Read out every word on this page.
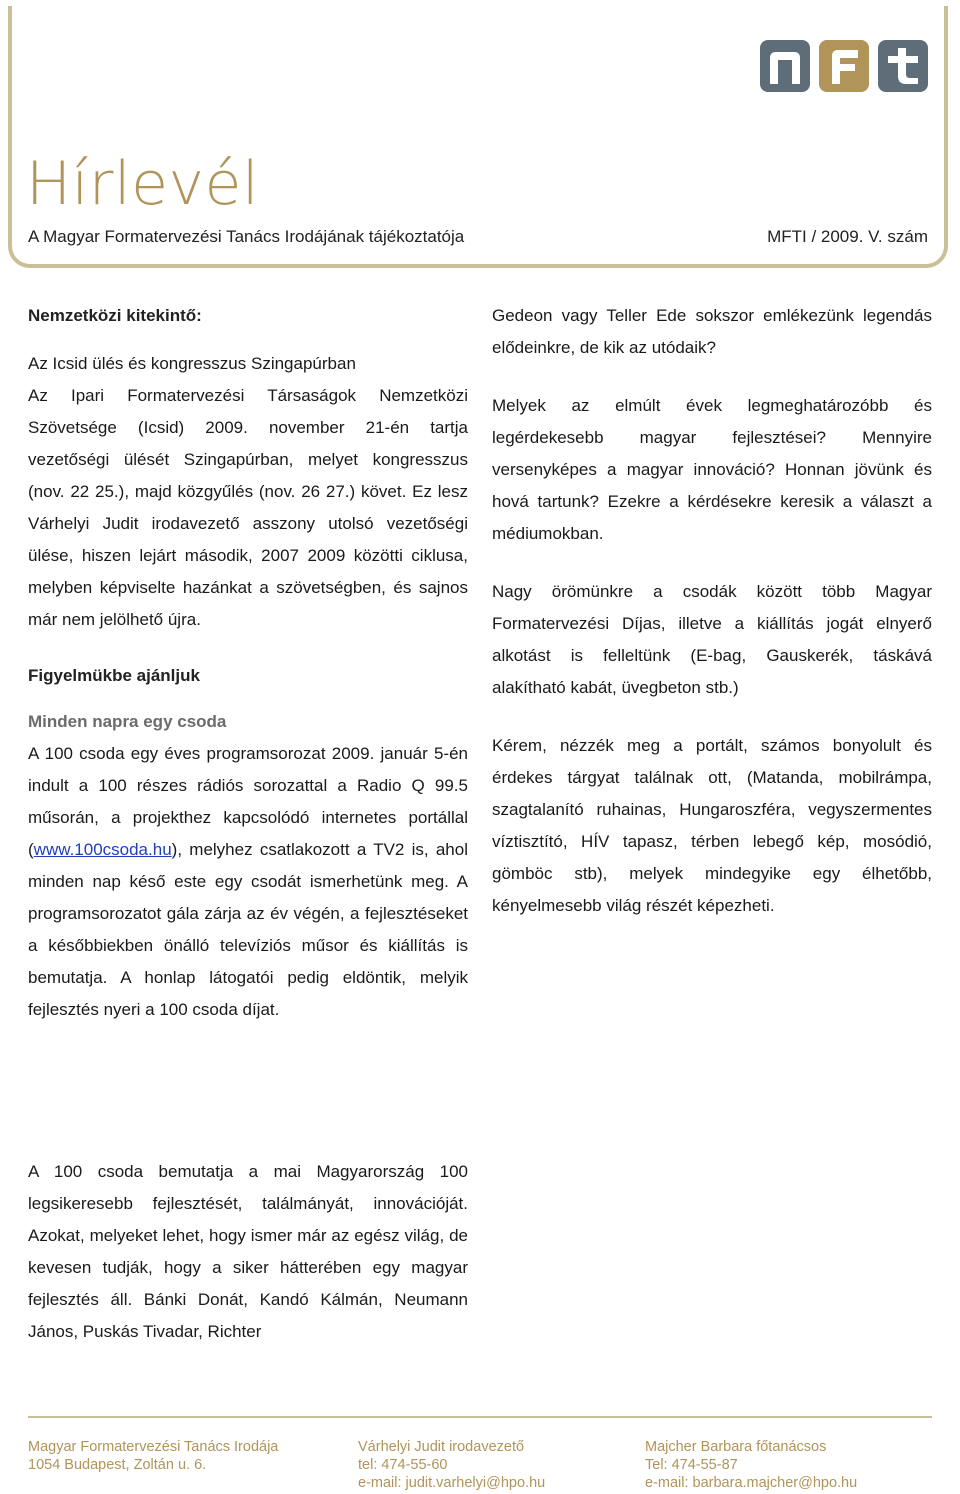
Hírlevél
A Magyar Formatervezési Tanács Irodájának tájékoztatója	MFTI / 2009. V. szám

Nemzetközi kitekintő:

Az Icsid ülés és kongresszus Szingapúrban

Az Ipari Formatervezési Társaságok Nemzetközi Szövetsége (Icsid) 2009. november 21-én tartja vezetőségi ülését Szingapúrban, melyet kongresszus (nov. 22 25.), majd közgyűlés (nov. 26 27.) követ. Ez lesz Várhelyi Judit irodavezető asszony utolsó vezetőségi ülése, hiszen lejárt második, 2007 2009 közötti ciklusa, melyben képviselte hazánkat a szövetségben, és sajnos már nem jelölhető újra.

Figyelmükbe ajánljuk

Minden napra egy csoda

A 100 csoda egy éves programsorozat 2009. január 5-én indult a 100 részes rádiós sorozattal a Radio Q 99.5 műsorán, a projekthez kapcsolódó internetes portállal (www.100csoda.hu), melyhez csatlakozott a TV2 is, ahol minden nap késő este egy csodát ismerhetünk meg. A programsorozatot gála zárja az év végén, a fejlesztéseket a későbbiekben önálló televíziós műsor és kiállítás is bemutatja. A honlap látogatói pedig eldöntik, melyik fejlesztés nyeri a 100 csoda díjat.

A 100 csoda bemutatja a mai Magyarország 100 legsikeresebb fejlesztését, találmányát, innovációját. Azokat, melyeket lehet, hogy ismer már az egész világ, de kevesen tudják, hogy a siker hátterében egy magyar fejlesztés áll. Bánki Donát, Kandó Kálmán, Neumann János, Puskás Tivadar, Richter

Gedeon vagy Teller Ede sokszor emlékezünk legendás elődeinkre, de kik az utódaik?

Melyek az elmúlt évek legmeghatározóbb és legérdekesebb magyar fejlesztései? Mennyire versenyképes a magyar innováció? Honnan jövünk és hová tartunk? Ezekre a kérdésekre keresik a választ a médiumokban.

Nagy örömünkre a csodák között több Magyar Formatervezési Díjas, illetve a kiállítás jogát elnyerő alkotást is felleltünk (E-bag, Gauskerék, táskává alakítható kabát, üvegbeton stb.)

Kérem, nézzék meg a portált, számos bonyolult és érdekes tárgyat találnak ott, (Matanda, mobilrámpa, szagtalanító ruhainas, Hungaroszféra, vegyszermentes víztisztító, HÍV tapasz, térben lebegő kép, mosódió, gömböc stb), melyek mindegyike egy élhetőbb, kényelmesebb világ részét képezheti.

Magyar Formatervezési Tanács Irodája
1054 Budapest, Zoltán u. 6.
Várhelyi Judit irodavezető
tel: 474-55-60
e-mail: judit.varhelyi@hpo.hu
Majcher Barbara főtanácsos
Tel: 474-55-87
e-mail: barbara.majcher@hpo.hu
